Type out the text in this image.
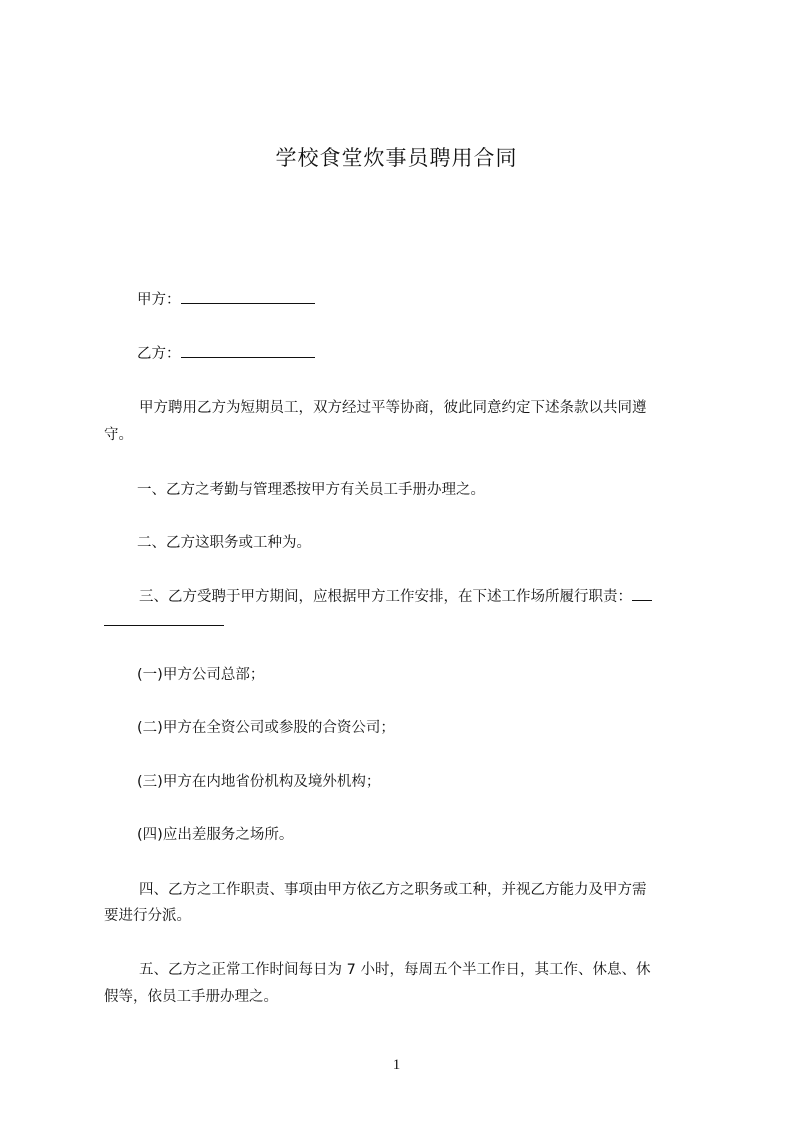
学校食堂炊事员聘用合同
甲方：
乙方：
甲方聘用乙方为短期员工，双方经过平等协商，彼此同意约定下述条款以共同遵
守。
一、乙方之考勤与管理悉按甲方有关员工手册办理之。
二、乙方这职务或工种为。
三、乙方受聘于甲方期间，应根据甲方工作安排，在下述工作场所履行职责：
(一)甲方公司总部；
(二)甲方在全资公司或参股的合资公司；
(三)甲方在内地省份机构及境外机构；
(四)应出差服务之场所。
四、乙方之工作职责、事项由甲方依乙方之职务或工种，并视乙方能力及甲方需
要进行分派。
五、乙方之正常工作时间每日为 7 小时，每周五个半工作日，其工作、休息、休
假等，依员工手册办理之。
1
